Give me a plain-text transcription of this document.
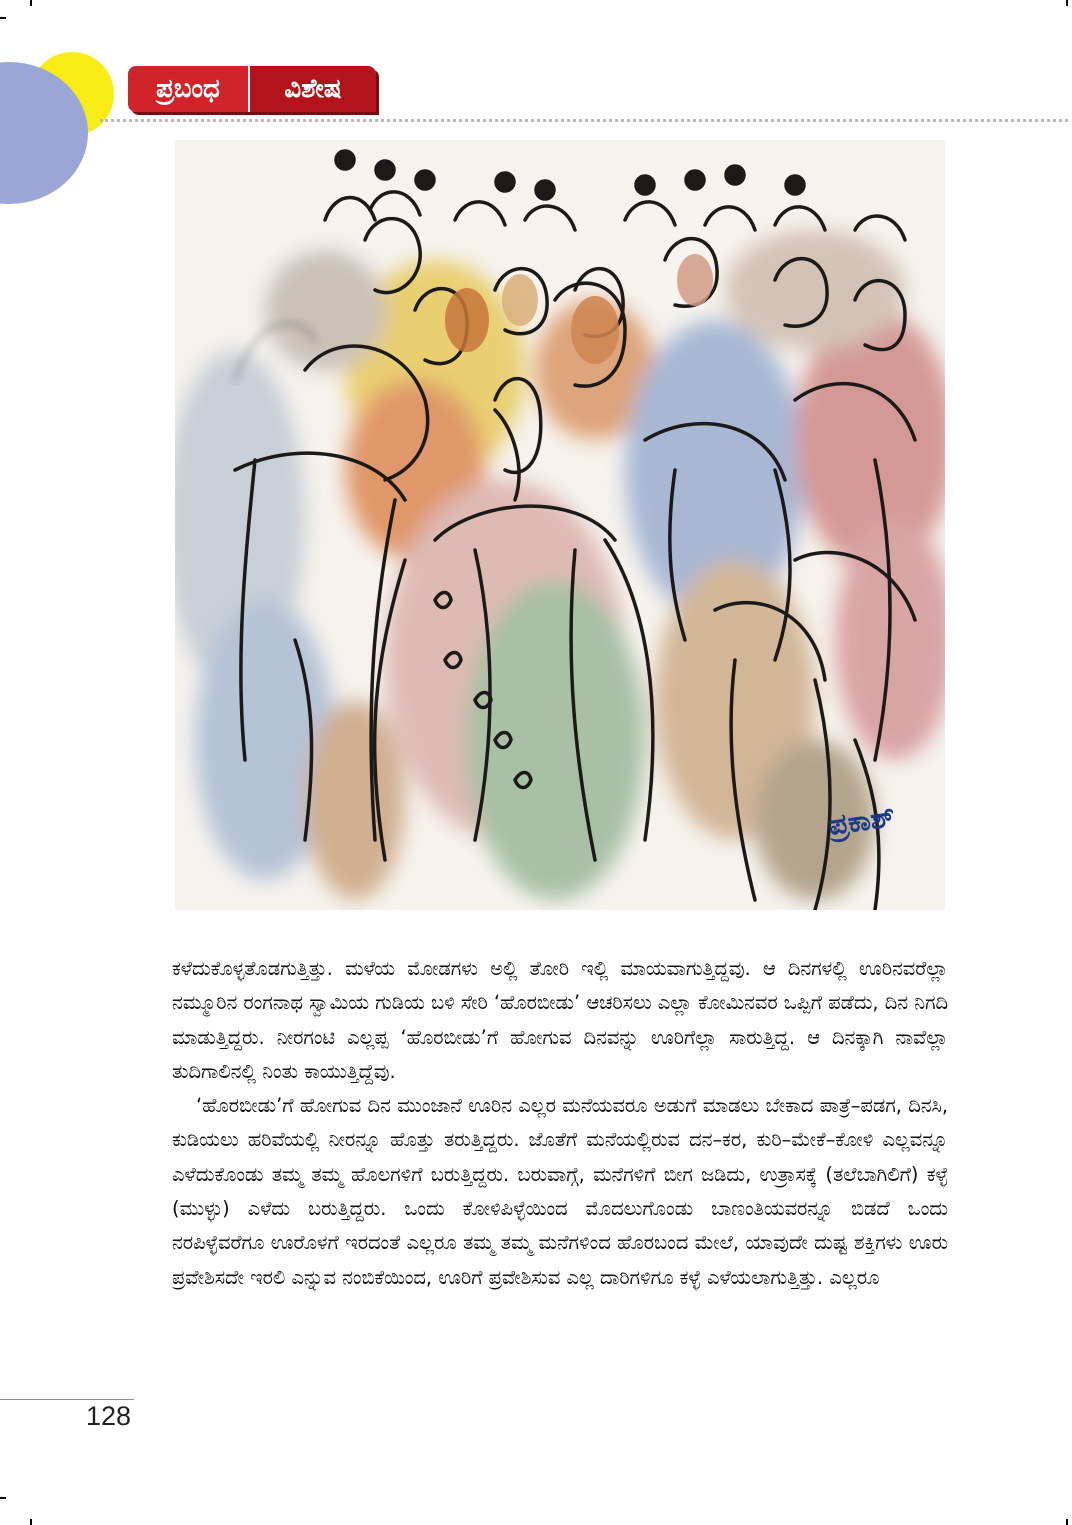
ಪ್ರಬಂಧ	ವಿಶೇಷ
ಪ್ರಕಾಶ್

ಕಳೆದುಕೊಳ್ಳತೊಡಗುತ್ತಿತ್ತು. ಮಳೆಯ ಮೋಡಗಳು ಅಲ್ಲಿ ತೋರಿ ಇಲ್ಲಿ ಮಾಯವಾಗುತ್ತಿದ್ದವು. ಆ ದಿನಗಳಲ್ಲಿ ಊರಿನವರೆಲ್ಲಾ ನಮ್ಮೂರಿನ ರಂಗನಾಥ ಸ್ವಾಮಿಯ ಗುಡಿಯ ಬಳಿ ಸೇರಿ ‘ಹೊರಬೀಡು’ ಆಚರಿಸಲು ಎಲ್ಲಾ ಕೋಮಿನವರ ಒಪ್ಪಿಗೆ ಪಡೆದು, ದಿನ ನಿಗದಿ ಮಾಡುತ್ತಿದ್ದರು. ನೀರಗಂಟಿ ಎಲ್ಲಪ್ಪ ‘ಹೊರಬೀಡು’ಗೆ ಹೋಗುವ ದಿನವನ್ನು ಊರಿಗೆಲ್ಲಾ ಸಾರುತ್ತಿದ್ದ. ಆ ದಿನಕ್ಕಾಗಿ ನಾವೆಲ್ಲಾ ತುದಿಗಾಲಿನಲ್ಲಿ ನಿಂತು ಕಾಯುತ್ತಿದ್ದೆವು.

‘ಹೊರಬೀಡು’ಗೆ ಹೋಗುವ ದಿನ ಮುಂಜಾನೆ ಊರಿನ ಎಲ್ಲರ ಮನೆಯವರೂ ಅಡುಗೆ ಮಾಡಲು ಬೇಕಾದ ಪಾತ್ರೆ–ಪಡಗ, ದಿನಸಿ, ಕುಡಿಯಲು ಹರಿವೆಯಲ್ಲಿ ನೀರನ್ನೂ ಹೊತ್ತು ತರುತ್ತಿದ್ದರು. ಜೊತೆಗೆ ಮನೆಯಲ್ಲಿರುವ ದನ–ಕರ, ಕುರಿ–ಮೇಕೆ–ಕೋಳಿ ಎಲ್ಲವನ್ನೂ ಎಳೆದುಕೊಂಡು ತಮ್ಮ ತಮ್ಮ ಹೊಲಗಳಿಗೆ ಬರುತ್ತಿದ್ದರು. ಬರುವಾಗ್ಗೆ, ಮನೆಗಳಿಗೆ ಬೀಗ ಜಡಿದು, ಉತ್ರಾಸಕ್ಕೆ (ತಲೆಬಾಗಿಲಿಗೆ) ಕಳ್ಳೆ (ಮುಳ್ಳು) ಎಳೆದು ಬರುತ್ತಿದ್ದರು. ಒಂದು ಕೋಳಿಪಿಳ್ಳೆಯಿಂದ ಮೊದಲುಗೊಂಡು ಬಾಣಂತಿಯವರನ್ನೂ ಬಿಡದೆ ಒಂದು ನರಪಿಳ್ಳೆವರೆಗೂ ಊರೊಳಗೆ ಇರದಂತೆ ಎಲ್ಲರೂ ತಮ್ಮ ತಮ್ಮ ಮನೆಗಳಿಂದ ಹೊರಬಂದ ಮೇಲೆ, ಯಾವುದೇ ದುಷ್ಟ ಶಕ್ತಿಗಳು ಊರು ಪ್ರವೇಶಿಸದೇ ಇರಲಿ ಎನ್ನುವ ನಂಬಿಕೆಯಿಂದ, ಊರಿಗೆ ಪ್ರವೇಶಿಸುವ ಎಲ್ಲ ದಾರಿಗಳಿಗೂ ಕಳ್ಳೆ ಎಳೆಯಲಾಗುತ್ತಿತ್ತು. ಎಲ್ಲರೂ

128
